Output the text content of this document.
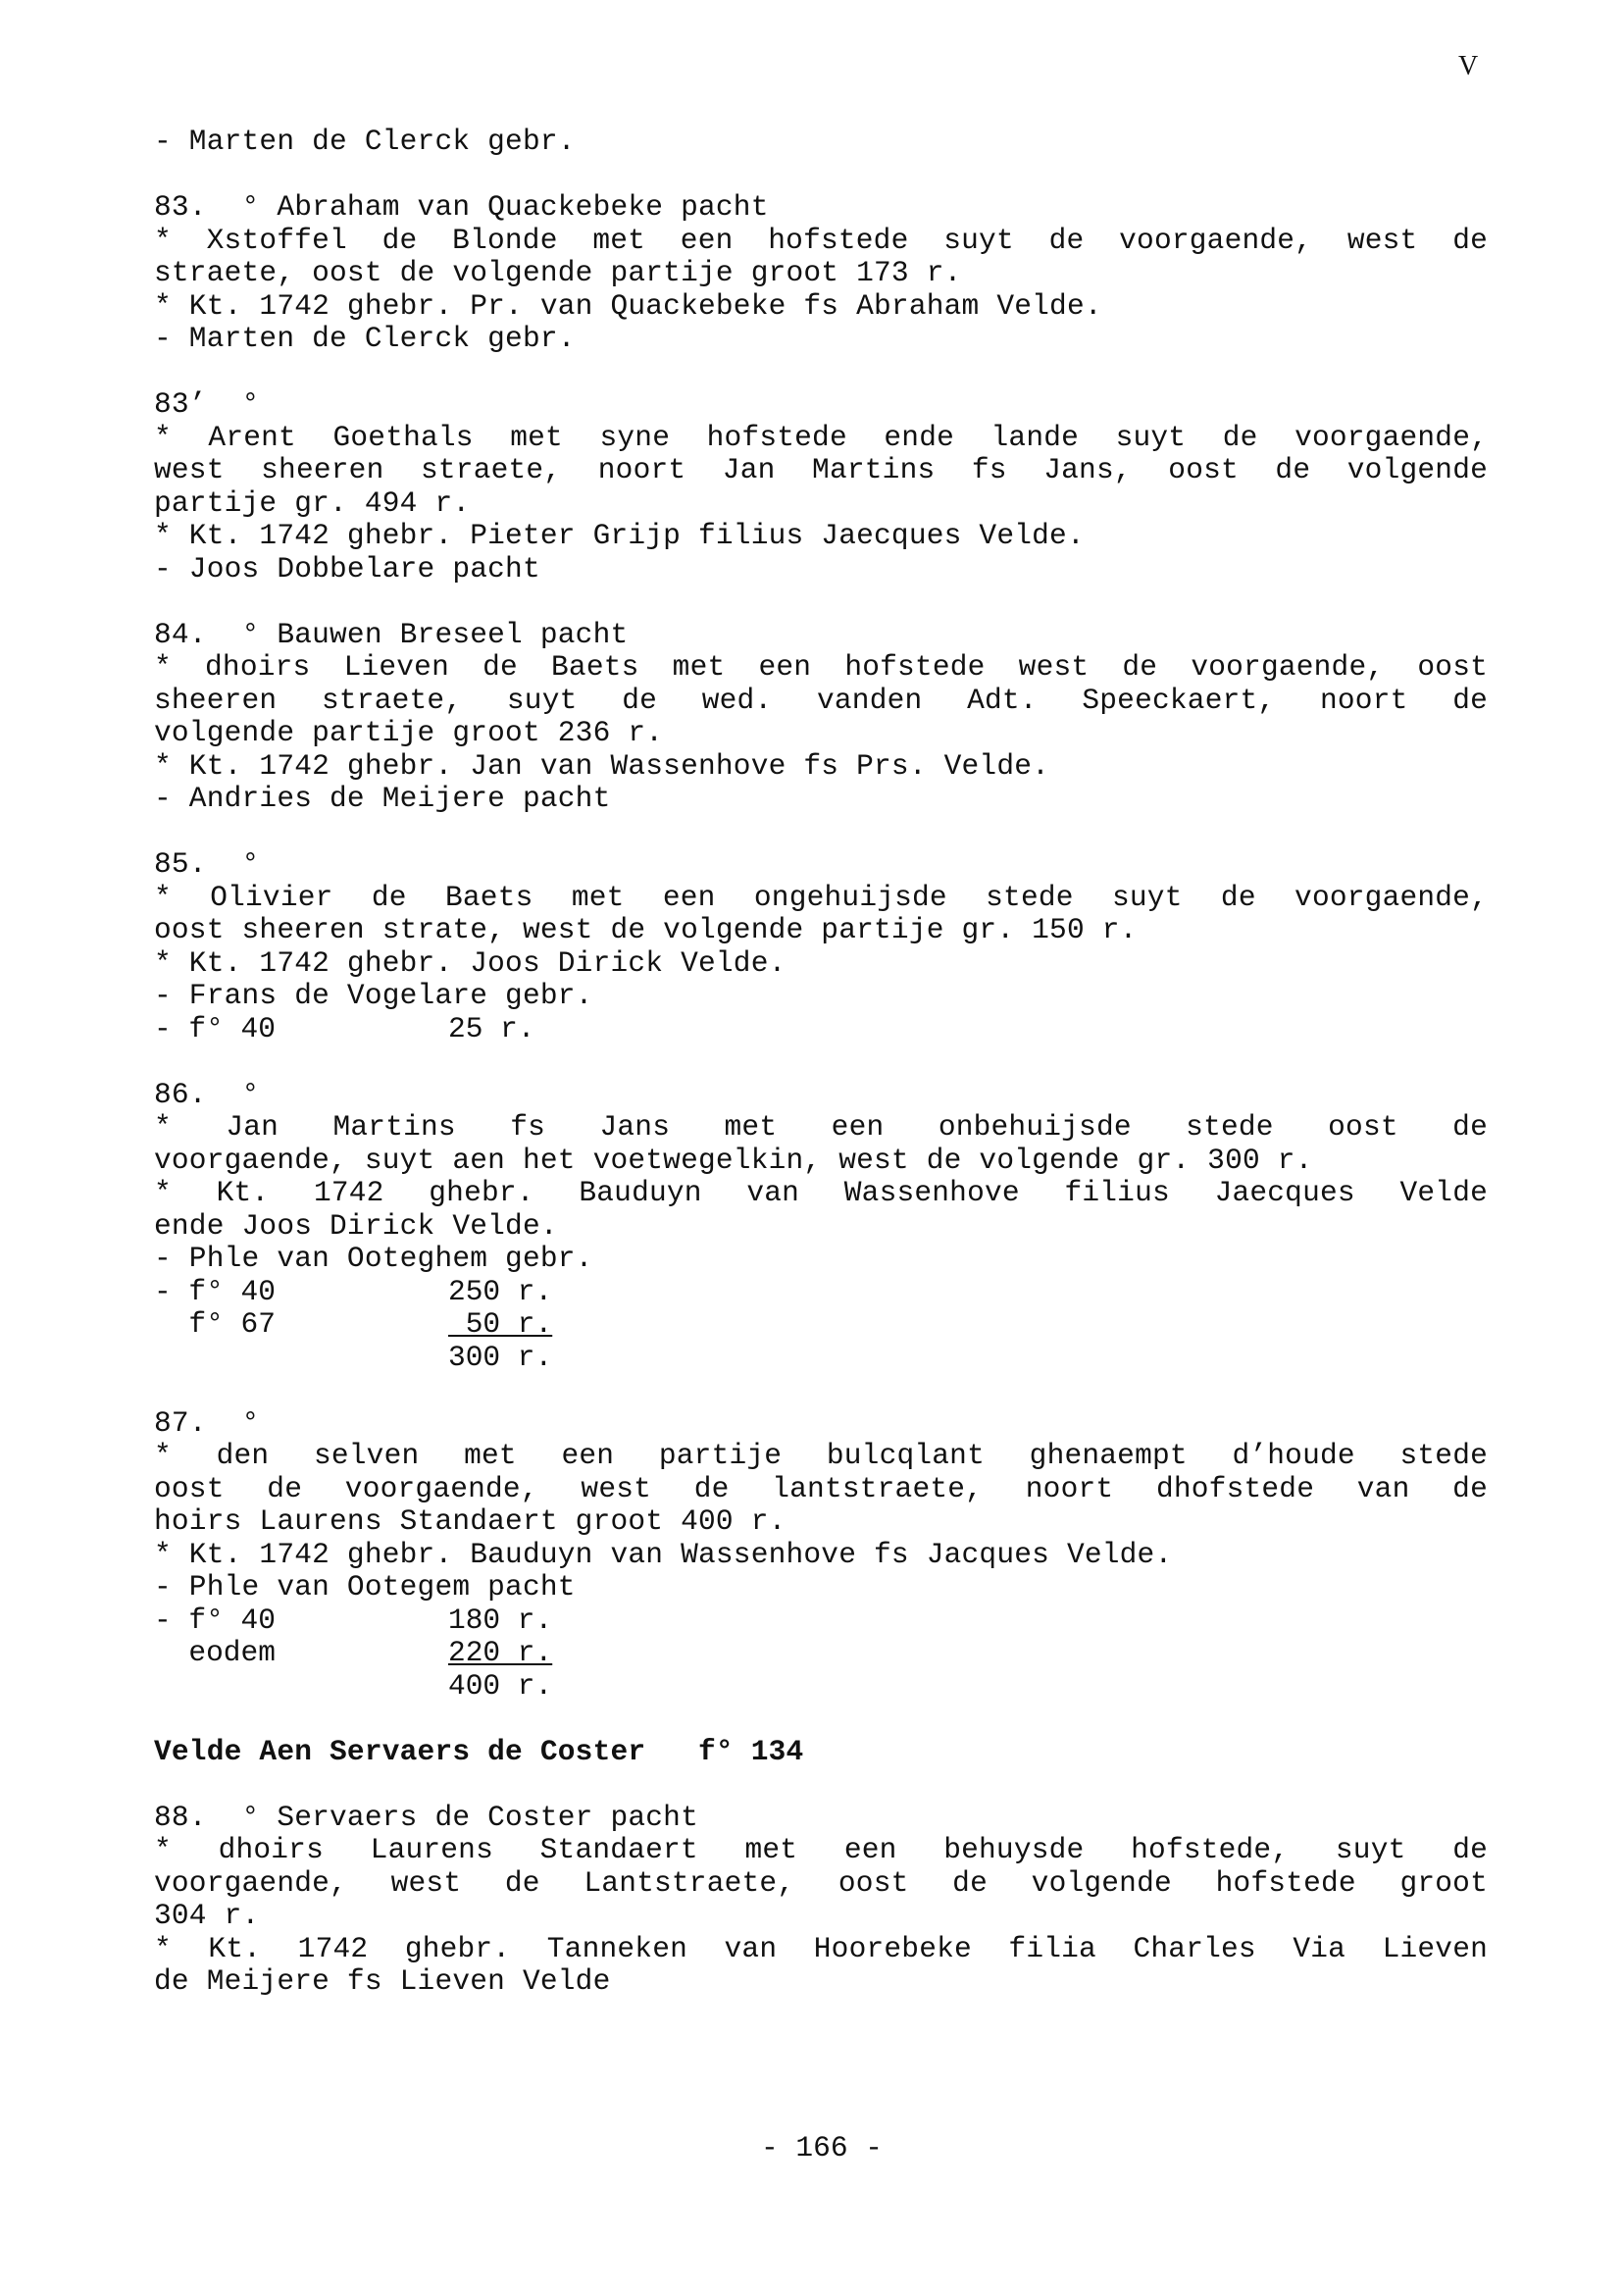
V
- Marten de Clerck gebr.
83.  ° Abraham van Quackebeke pacht
* Xstoffel de Blonde met een hofstede suyt de voorgaende, west de
straete, oost de volgende partije groot 173 r.
* Kt. 1742 ghebr. Pr. van Quackebeke fs Abraham Velde.
- Marten de Clerck gebr.
83’  °
* Arent Goethals met syne hofstede ende lande suyt de voorgaende,
west sheeren straete, noort Jan Martins fs Jans, oost de volgende
partije gr. 494 r.
* Kt. 1742 ghebr. Pieter Grijp filius Jaecques Velde.
- Joos Dobbelare pacht
84.  ° Bauwen Breseel pacht
* dhoirs Lieven de Baets met een hofstede west de voorgaende, oost
sheeren straete, suyt de wed. vanden Adt. Speeckaert, noort de
volgende partije groot 236 r.
* Kt. 1742 ghebr. Jan van Wassenhove fs Prs. Velde.
- Andries de Meijere pacht
85.  °
* Olivier de Baets met een ongehuijsde stede suyt de voorgaende,
oost sheeren strate, west de volgende partije gr. 150 r.
* Kt. 1742 ghebr. Joos Dirick Velde.
- Frans de Vogelare gebr.
- f° 40	25 r.
86.  °
* Jan Martins fs Jans met een onbehuijsde stede oost de
voorgaende, suyt aen het voetwegelkin, west de volgende gr. 300 r.
* Kt. 1742 ghebr. Bauduyn van Wassenhove filius Jaecques Velde
ende Joos Dirick Velde.
- Phle van Ooteghem gebr.
- f° 40	250 r.
f° 67	50 r.
300 r.
87.  °
* den selven met een partije bulcqlant ghenaempt d’houde stede
oost de voorgaende, west de lantstraete, noort dhofstede van de
hoirs Laurens Standaert groot 400 r.
* Kt. 1742 ghebr. Bauduyn van Wassenhove fs Jacques Velde.
- Phle van Ootegem pacht
- f° 40	180 r.
eodem	220 r.
400 r.
Velde Aen Servaers de Coster   f° 134
88.  ° Servaers de Coster pacht
* dhoirs Laurens Standaert met een behuysde hofstede, suyt de
voorgaende, west de Lantstraete, oost de volgende hofstede groot
304 r.
* Kt. 1742 ghebr. Tanneken van Hoorebeke filia Charles Via Lieven
de Meijere fs Lieven Velde
- 166 -
